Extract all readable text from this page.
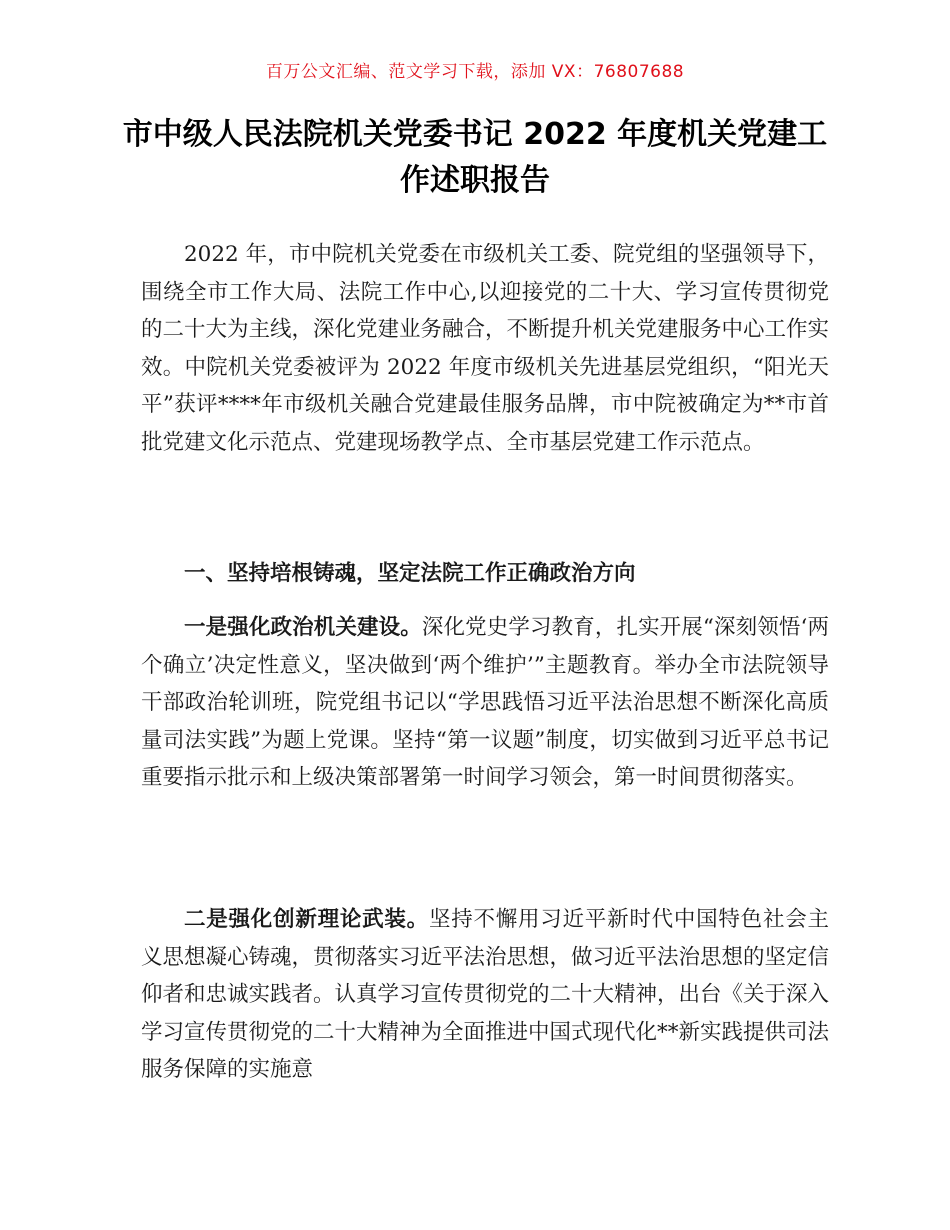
百万公文汇编、范文学习下载，添加 VX：76807688
市中级人民法院机关党委书记 2022 年度机关党建工作述职报告

2022 年，市中院机关党委在市级机关工委、院党组的坚强领导下，围绕全市工作大局、法院工作中心,以迎接党的二十大、学习宣传贯彻党的二十大为主线，深化党建业务融合，不断提升机关党建服务中心工作实效。中院机关党委被评为 2022 年度市级机关先进基层党组织，“阳光天平”获评****年市级机关融合党建最佳服务品牌，市中院被确定为**市首批党建文化示范点、党建现场教学点、全市基层党建工作示范点。

一、坚持培根铸魂，坚定法院工作正确政治方向

一是强化政治机关建设。深化党史学习教育，扎实开展“深刻领悟‘两个确立’决定性意义，坚决做到‘两个维护’”主题教育。举办全市法院领导干部政治轮训班，院党组书记以“学思践悟习近平法治思想不断深化高质量司法实践”为题上党课。坚持“第一议题”制度，切实做到习近平总书记重要指示批示和上级决策部署第一时间学习领会，第一时间贯彻落实。

二是强化创新理论武装。坚持不懈用习近平新时代中国特色社会主义思想凝心铸魂，贯彻落实习近平法治思想，做习近平法治思想的坚定信仰者和忠诚实践者。认真学习宣传贯彻党的二十大精神，出台《关于深入学习宣传贯彻党的二十大精神为全面推进中国式现代化**新实践提供司法服务保障的实施意
